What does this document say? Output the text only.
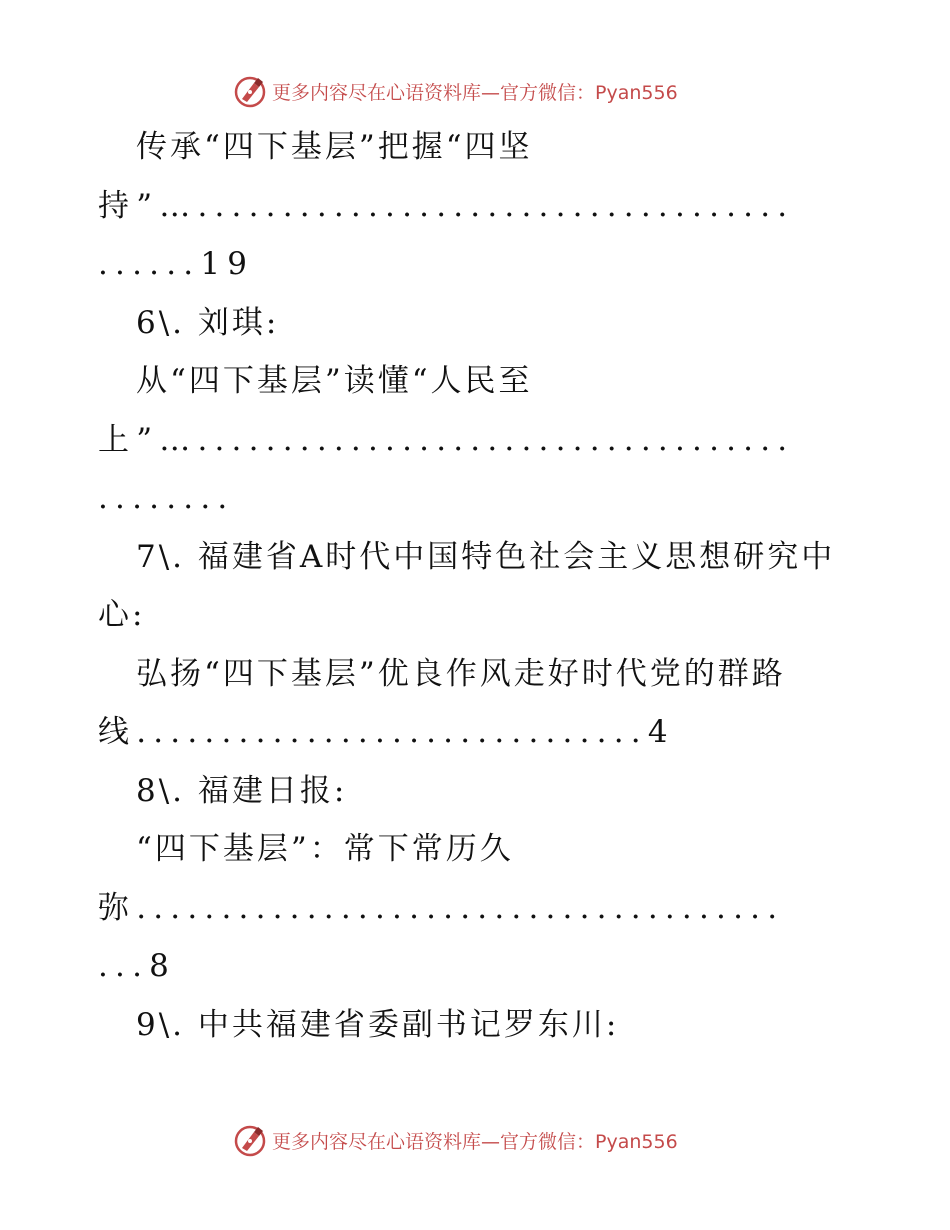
更多内容尽在心语资料库—官方微信：Pyan556
传承“四下基层”把握“四坚
持”…...................................
......19
6\. 刘琪:
从“四下基层”读懂“人民至
上”…...................................
........
7\. 福建省A时代中国特色社会主义思想研究中
心:
弘扬“四下基层”优良作风走好时代党的群路
线..............................4
8\. 福建日报:
“四下基层”：常下常历久
弥......................................
...8
9\. 中共福建省委副书记罗东川:
更多内容尽在心语资料库—官方微信：Pyan556
